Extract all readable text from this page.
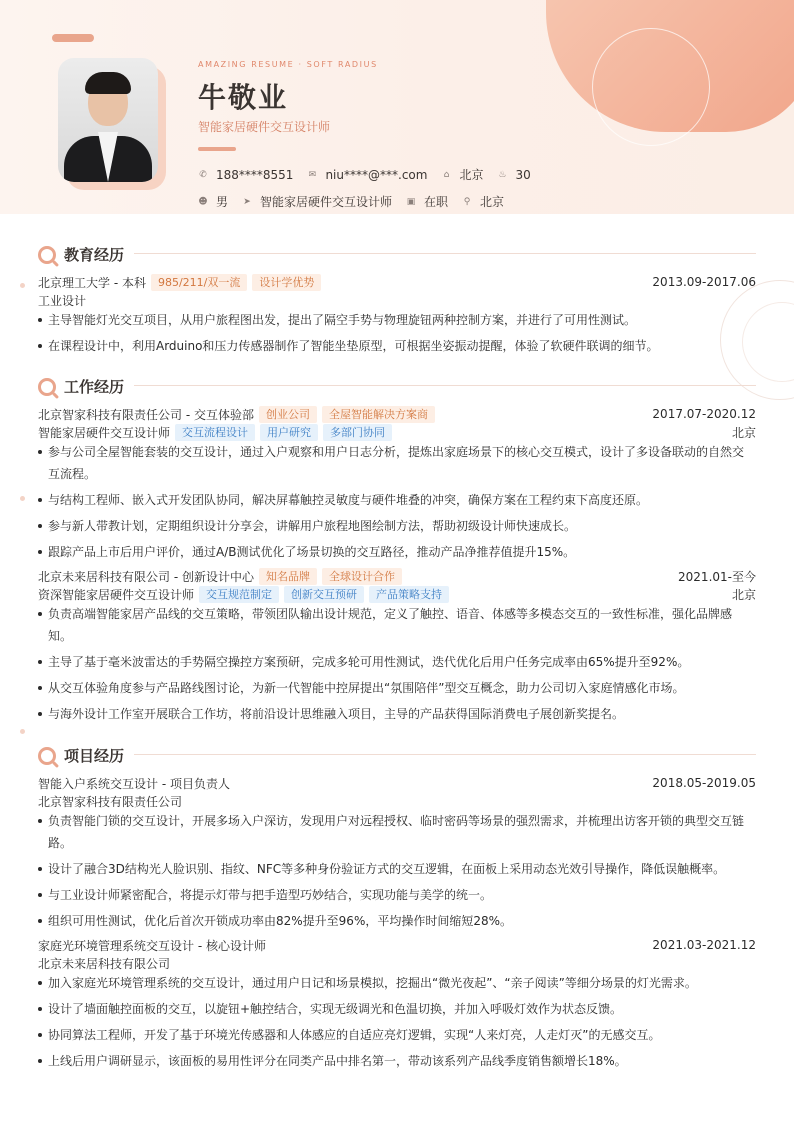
AMAZING RESUME · SOFT RADIUS
牛敬业
智能家居硬件交互设计师
✆ 188****8551 ✉ niu****@***.com ⌂ 北京 ♨ 30
☻ 男 ➤ 智能家居硬件交互设计师 ▣ 在职 ⚲ 北京
教育经历
北京理工大学 - 本科	985/211/双一流	设计学优势	2013.09-2017.06
工业设计
主导智能灯光交互项目，从用户旅程图出发，提出了隔空手势与物理旋钮两种控制方案，并进行了可用性测试。
在课程设计中，利用Arduino和压力传感器制作了智能坐垫原型，可根据坐姿振动提醒，体验了软硬件联调的细节。
工作经历
北京智家科技有限责任公司 - 交互体验部	创业公司	全屋智能解决方案商	2017.07-2020.12
智能家居硬件交互设计师	交互流程设计	用户研究	多部门协同	北京
参与公司全屋智能套装的交互设计，通过入户观察和用户日志分析，提炼出家庭场景下的核心交互模式，设计了多设备联动的自然交互流程。
与结构工程师、嵌入式开发团队协同，解决屏幕触控灵敏度与硬件堆叠的冲突，确保方案在工程约束下高度还原。
参与新人带教计划，定期组织设计分享会，讲解用户旅程地图绘制方法，帮助初级设计师快速成长。
跟踪产品上市后用户评价，通过A/B测试优化了场景切换的交互路径，推动产品净推荐值提升15%。
北京未来居科技有限公司 - 创新设计中心	知名品牌	全球设计合作	2021.01-至今
资深智能家居硬件交互设计师	交互规范制定	创新交互预研	产品策略支持	北京
负责高端智能家居产品线的交互策略，带领团队输出设计规范，定义了触控、语音、体感等多模态交互的一致性标准，强化品牌感知。
主导了基于毫米波雷达的手势隔空操控方案预研，完成多轮可用性测试，迭代优化后用户任务完成率由65%提升至92%。
从交互体验角度参与产品路线图讨论，为新一代智能中控屏提出“氛围陪伴”型交互概念，助力公司切入家庭情感化市场。
与海外设计工作室开展联合工作坊，将前沿设计思维融入项目，主导的产品获得国际消费电子展创新奖提名。
项目经历
智能入户系统交互设计 - 项目负责人	2018.05-2019.05
北京智家科技有限责任公司
负责智能门锁的交互设计，开展多场入户深访，发现用户对远程授权、临时密码等场景的强烈需求，并梳理出访客开锁的典型交互链路。
设计了融合3D结构光人脸识别、指纹、NFC等多种身份验证方式的交互逻辑，在面板上采用动态光效引导操作，降低误触概率。
与工业设计师紧密配合，将提示灯带与把手造型巧妙结合，实现功能与美学的统一。
组织可用性测试，优化后首次开锁成功率由82%提升至96%，平均操作时间缩短28%。
家庭光环境管理系统交互设计 - 核心设计师	2021.03-2021.12
北京未来居科技有限公司
加入家庭光环境管理系统的交互设计，通过用户日记和场景模拟，挖掘出“微光夜起”、“亲子阅读”等细分场景的灯光需求。
设计了墙面触控面板的交互，以旋钮+触控结合，实现无级调光和色温切换，并加入呼吸灯效作为状态反馈。
协同算法工程师，开发了基于环境光传感器和人体感应的自适应亮灯逻辑，实现“人来灯亮，人走灯灭”的无感交互。
上线后用户调研显示，该面板的易用性评分在同类产品中排名第一，带动该系列产品线季度销售额增长18%。
